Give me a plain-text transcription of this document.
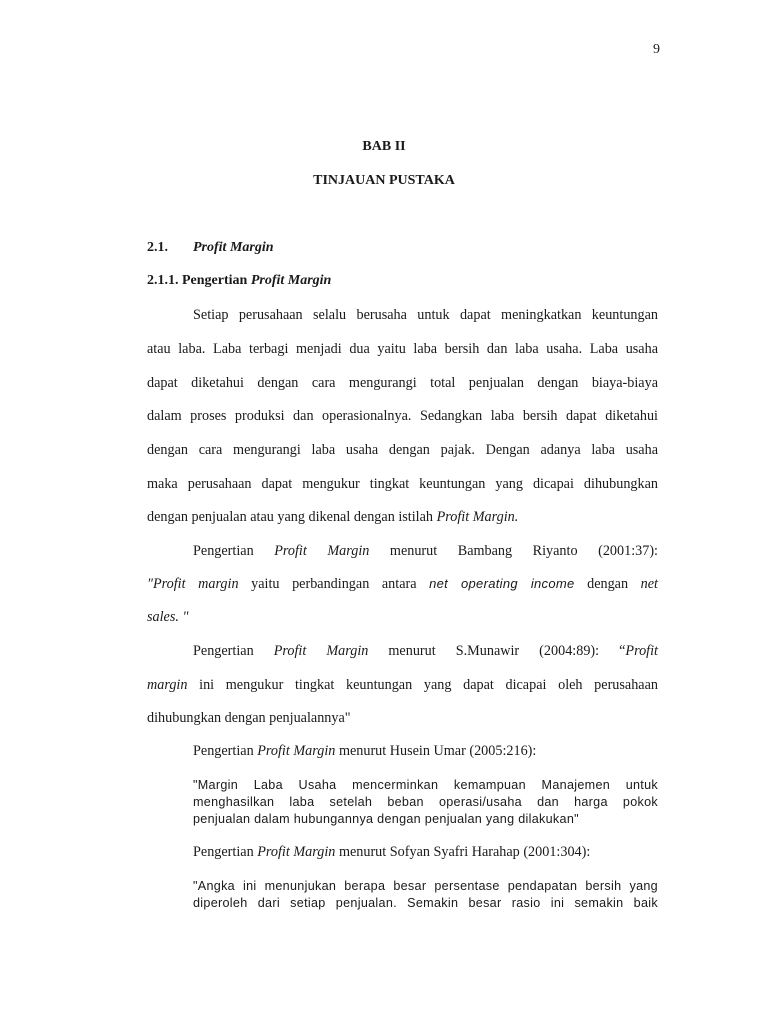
9
BAB II
TINJAUAN PUSTAKA
2.1. Profit Margin
2.1.1. Pengertian Profit Margin
Setiap perusahaan selalu berusaha untuk dapat meningkatkan keuntungan
atau laba. Laba terbagi menjadi dua yaitu laba bersih dan laba usaha. Laba usaha
dapat diketahui dengan cara mengurangi total penjualan dengan biaya-biaya
dalam proses produksi dan operasionalnya. Sedangkan laba bersih dapat diketahui
dengan cara mengurangi laba usaha dengan pajak. Dengan adanya laba usaha
maka perusahaan dapat mengukur tingkat keuntungan yang dicapai dihubungkan
dengan penjualan atau yang dikenal dengan istilah Profit Margin.
Pengertian Profit Margin menurut Bambang Riyanto (2001:37):
"Profit margin yaitu perbandingan antara net operating income dengan net
sales. "
Pengertian Profit Margin menurut S.Munawir (2004:89): “Profit
margin ini mengukur tingkat keuntungan yang dapat dicapai oleh perusahaan
dihubungkan dengan penjualannya"
Pengertian Profit Margin menurut Husein Umar (2005:216):
"Margin Laba Usaha mencerminkan kemampuan Manajemen untuk
menghasilkan laba setelah beban operasi/usaha dan harga pokok
penjualan dalam hubungannya dengan penjualan yang dilakukan"
Pengertian Profit Margin menurut Sofyan Syafri Harahap (2001:304):
"Angka ini menunjukan berapa besar persentase pendapatan bersih yang
diperoleh dari setiap penjualan. Semakin besar rasio ini semakin baik
